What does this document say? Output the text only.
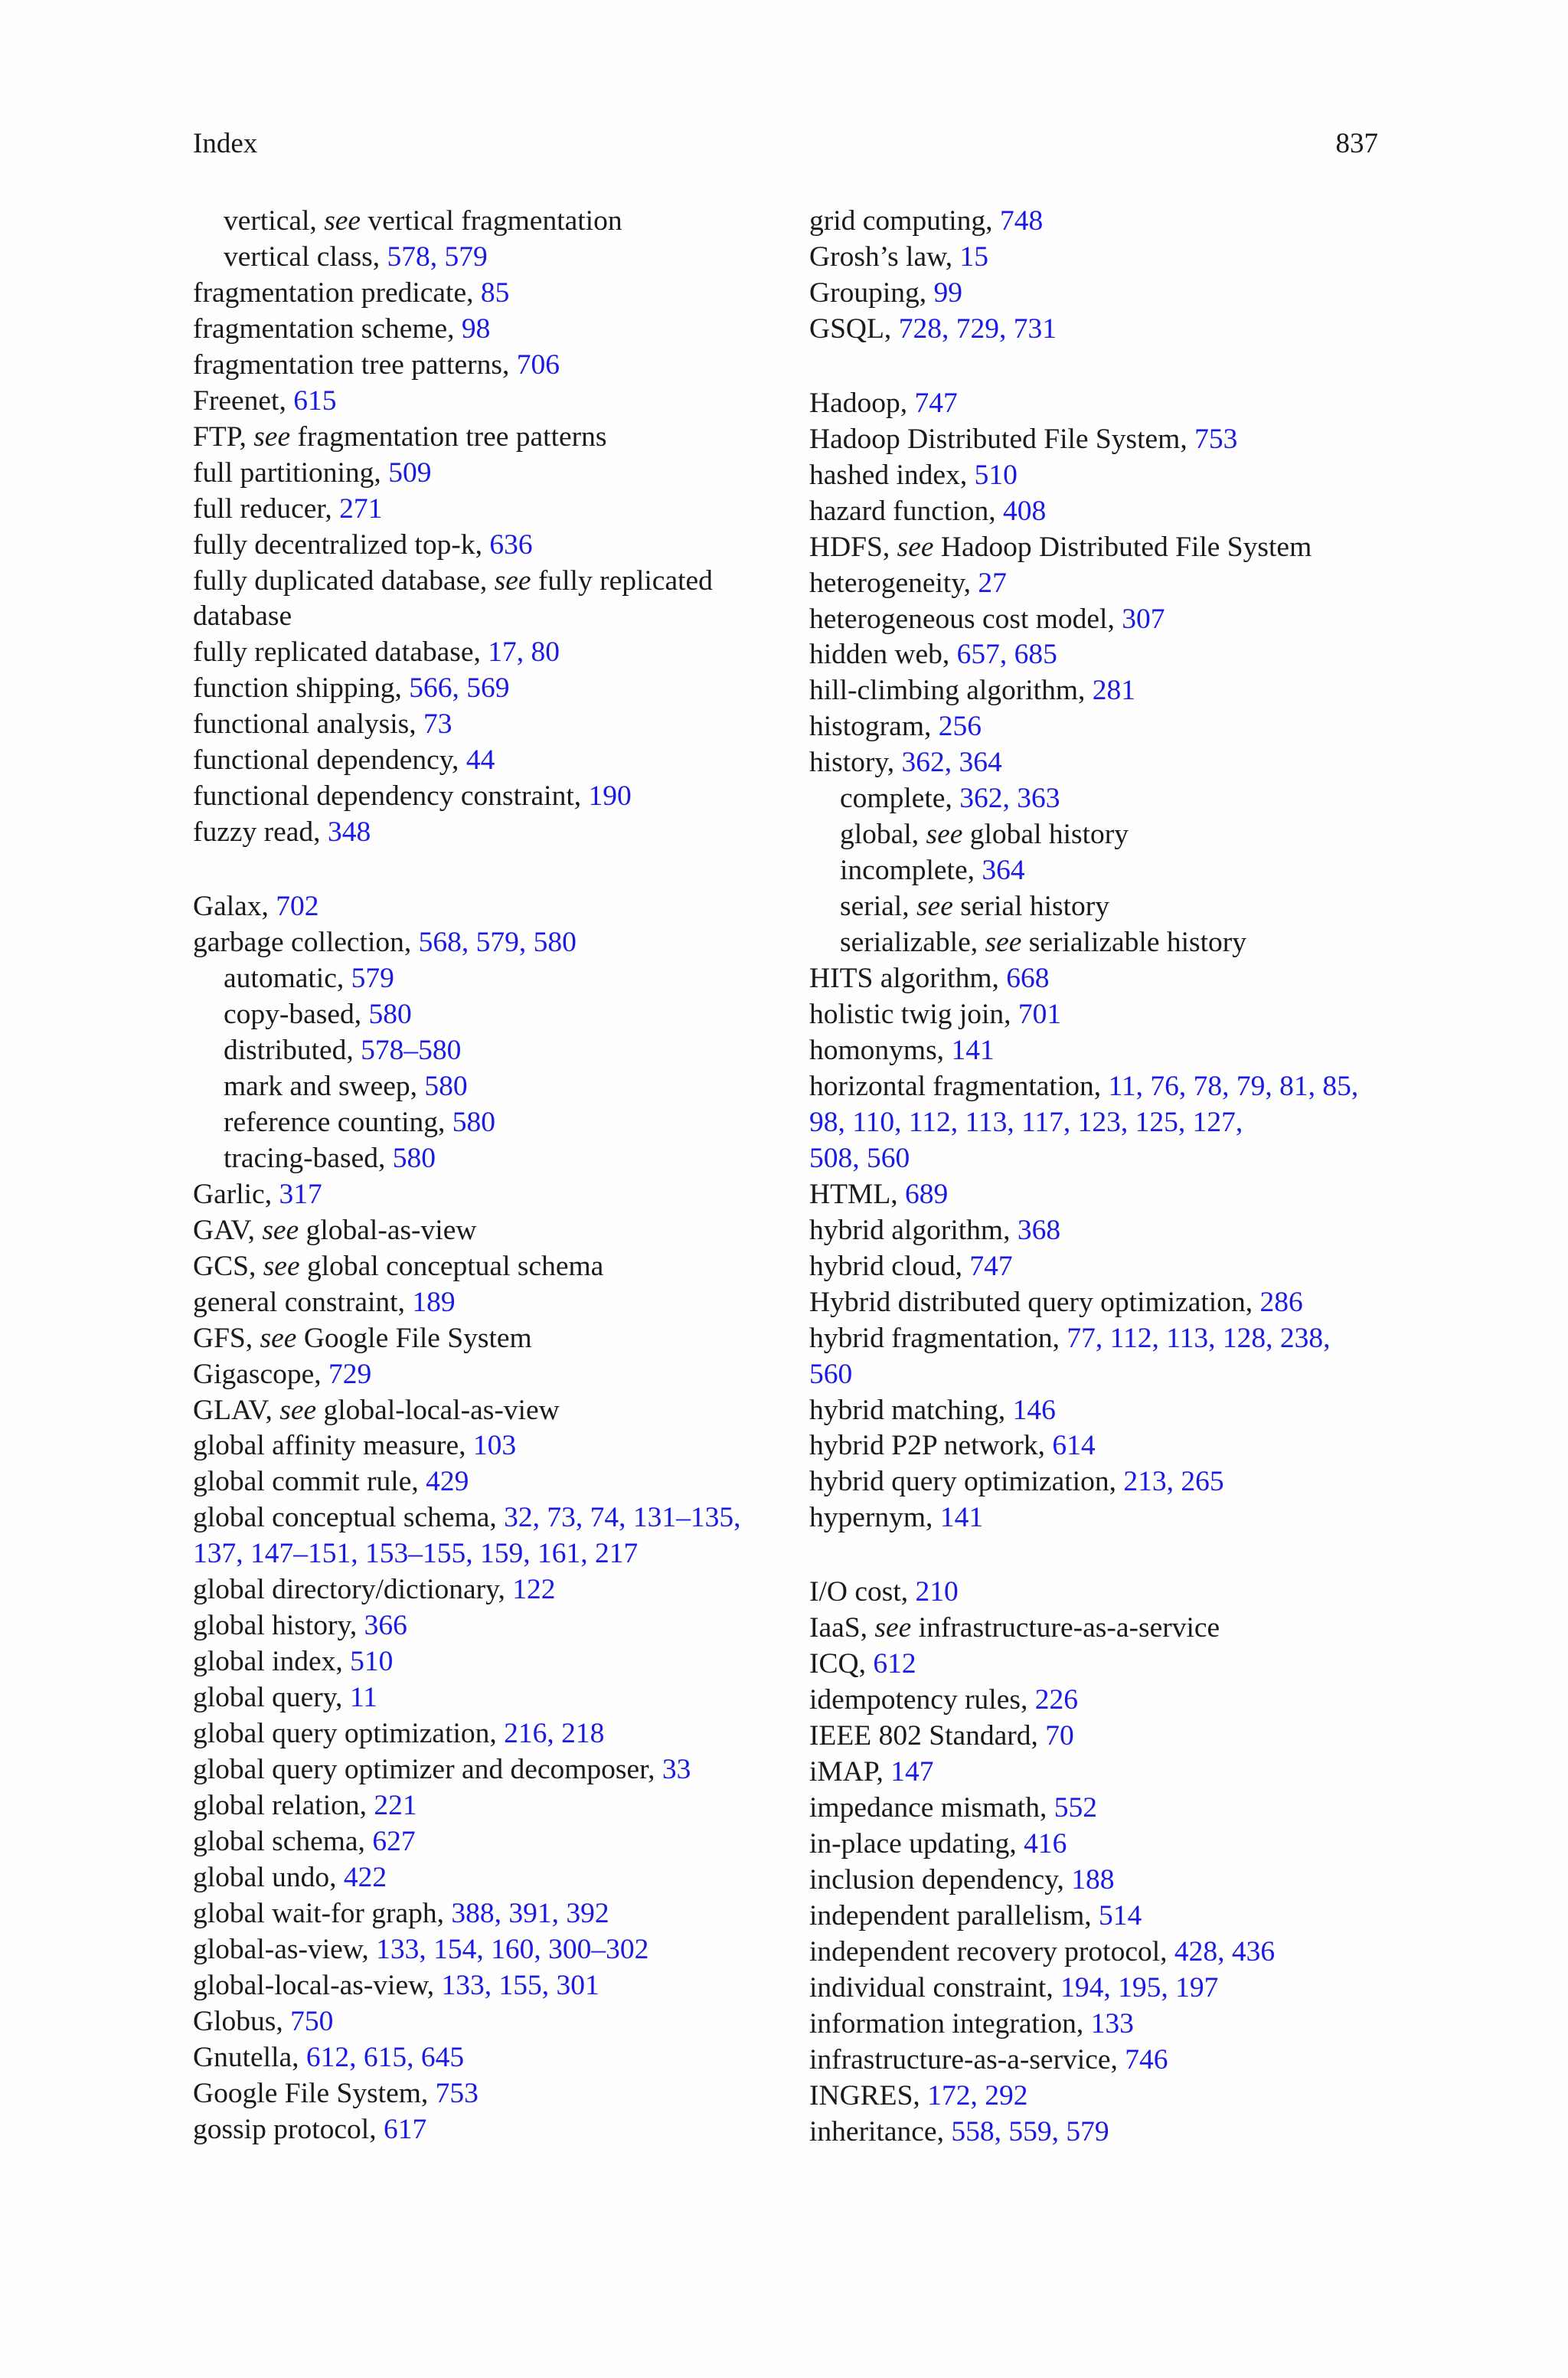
Index	837
vertical, see vertical fragmentation
vertical class, 578, 579
fragmentation predicate, 85
fragmentation scheme, 98
fragmentation tree patterns, 706
Freenet, 615
FTP, see fragmentation tree patterns
full partitioning, 509
full reducer, 271
fully decentralized top-k, 636
fully duplicated database, see fully replicated
database
fully replicated database, 17, 80
function shipping, 566, 569
functional analysis, 73
functional dependency, 44
functional dependency constraint, 190
fuzzy read, 348
Galax, 702
garbage collection, 568, 579, 580
automatic, 579
copy-based, 580
distributed, 578–580
mark and sweep, 580
reference counting, 580
tracing-based, 580
Garlic, 317
GAV, see global-as-view
GCS, see global conceptual schema
general constraint, 189
GFS, see Google File System
Gigascope, 729
GLAV, see global-local-as-view
global affinity measure, 103
global commit rule, 429
global conceptual schema, 32, 73, 74, 131–135,
137, 147–151, 153–155, 159, 161, 217
global directory/dictionary, 122
global history, 366
global index, 510
global query, 11
global query optimization, 216, 218
global query optimizer and decomposer, 33
global relation, 221
global schema, 627
global undo, 422
global wait-for graph, 388, 391, 392
global-as-view, 133, 154, 160, 300–302
global-local-as-view, 133, 155, 301
Globus, 750
Gnutella, 612, 615, 645
Google File System, 753
gossip protocol, 617
grid computing, 748
Grosh’s law, 15
Grouping, 99
GSQL, 728, 729, 731
Hadoop, 747
Hadoop Distributed File System, 753
hashed index, 510
hazard function, 408
HDFS, see Hadoop Distributed File System
heterogeneity, 27
heterogeneous cost model, 307
hidden web, 657, 685
hill-climbing algorithm, 281
histogram, 256
history, 362, 364
complete, 362, 363
global, see global history
incomplete, 364
serial, see serial history
serializable, see serializable history
HITS algorithm, 668
holistic twig join, 701
homonyms, 141
horizontal fragmentation, 11, 76, 78, 79, 81, 85,
98, 110, 112, 113, 117, 123, 125, 127,
508, 560
HTML, 689
hybrid algorithm, 368
hybrid cloud, 747
Hybrid distributed query optimization, 286
hybrid fragmentation, 77, 112, 113, 128, 238,
560
hybrid matching, 146
hybrid P2P network, 614
hybrid query optimization, 213, 265
hypernym, 141
I/O cost, 210
IaaS, see infrastructure-as-a-service
ICQ, 612
idempotency rules, 226
IEEE 802 Standard, 70
iMAP, 147
impedance mismath, 552
in-place updating, 416
inclusion dependency, 188
independent parallelism, 514
independent recovery protocol, 428, 436
individual constraint, 194, 195, 197
information integration, 133
infrastructure-as-a-service, 746
INGRES, 172, 292
inheritance, 558, 559, 579
